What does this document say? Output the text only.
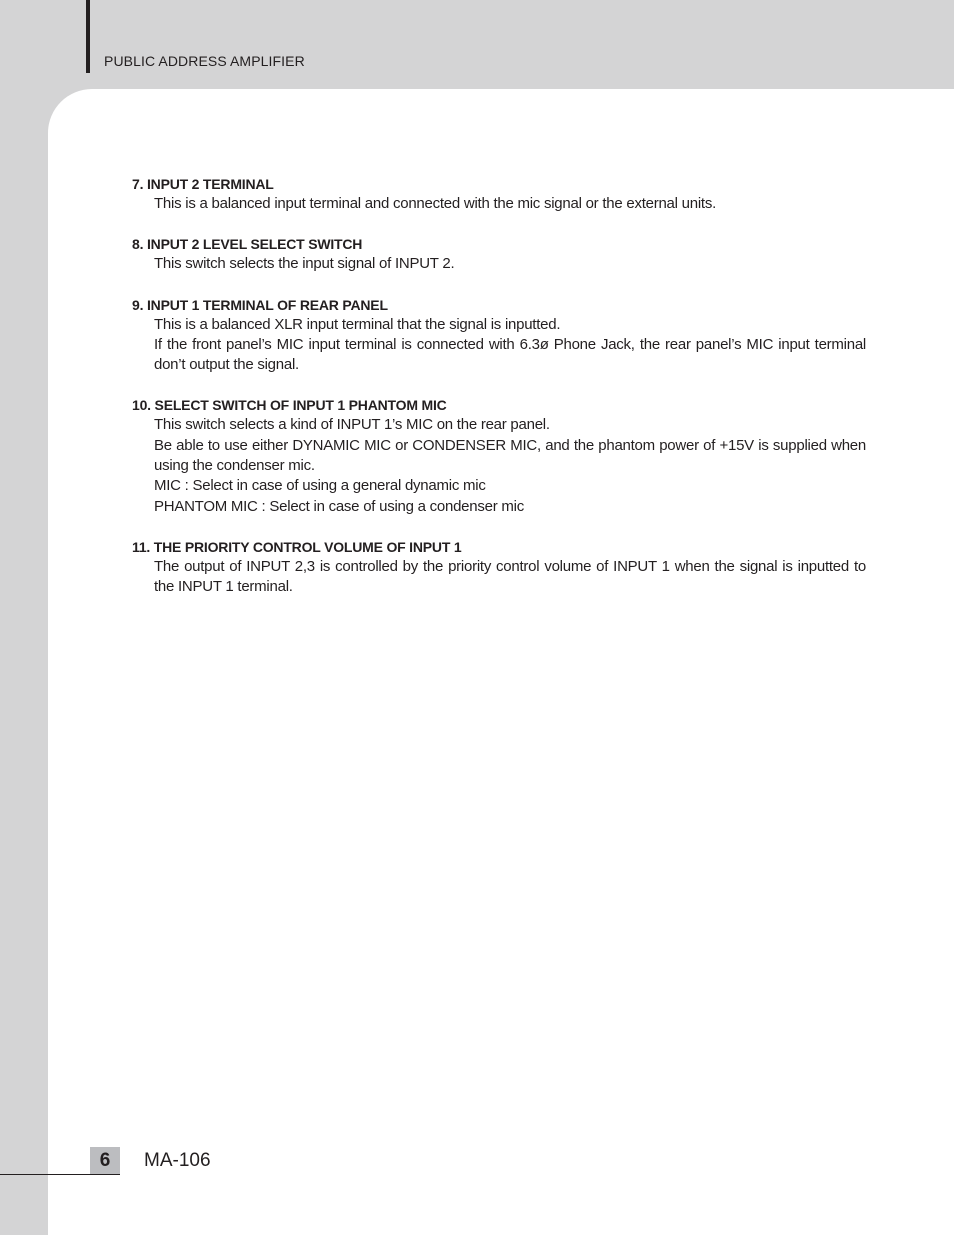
PUBLIC ADDRESS AMPLIFIER

7. INPUT 2 TERMINAL

This is a balanced input terminal and connected with the mic signal or the external units.

8. INPUT 2 LEVEL SELECT SWITCH

This switch selects the input signal of INPUT 2.

9. INPUT 1 TERMINAL OF REAR PANEL

This is a balanced XLR input terminal that the signal is inputted.

If the front panel’s MIC input terminal is connected with 6.3ø Phone Jack, the rear panel’s MIC input terminal don’t output the signal.

10. SELECT SWITCH OF INPUT 1 PHANTOM MIC

This switch selects a kind of INPUT 1’s MIC on the rear panel.

Be able to use either DYNAMIC MIC or CONDENSER MIC, and the phantom power of +15V is supplied when using the condenser mic.

MIC : Select in case of using a general dynamic mic

PHANTOM MIC : Select in case of using a condenser mic

11. THE PRIORITY CONTROL VOLUME OF INPUT 1

The output of INPUT 2,3 is controlled by the priority control volume of INPUT 1 when the signal is inputted to the INPUT 1 terminal.

6	MA-106
